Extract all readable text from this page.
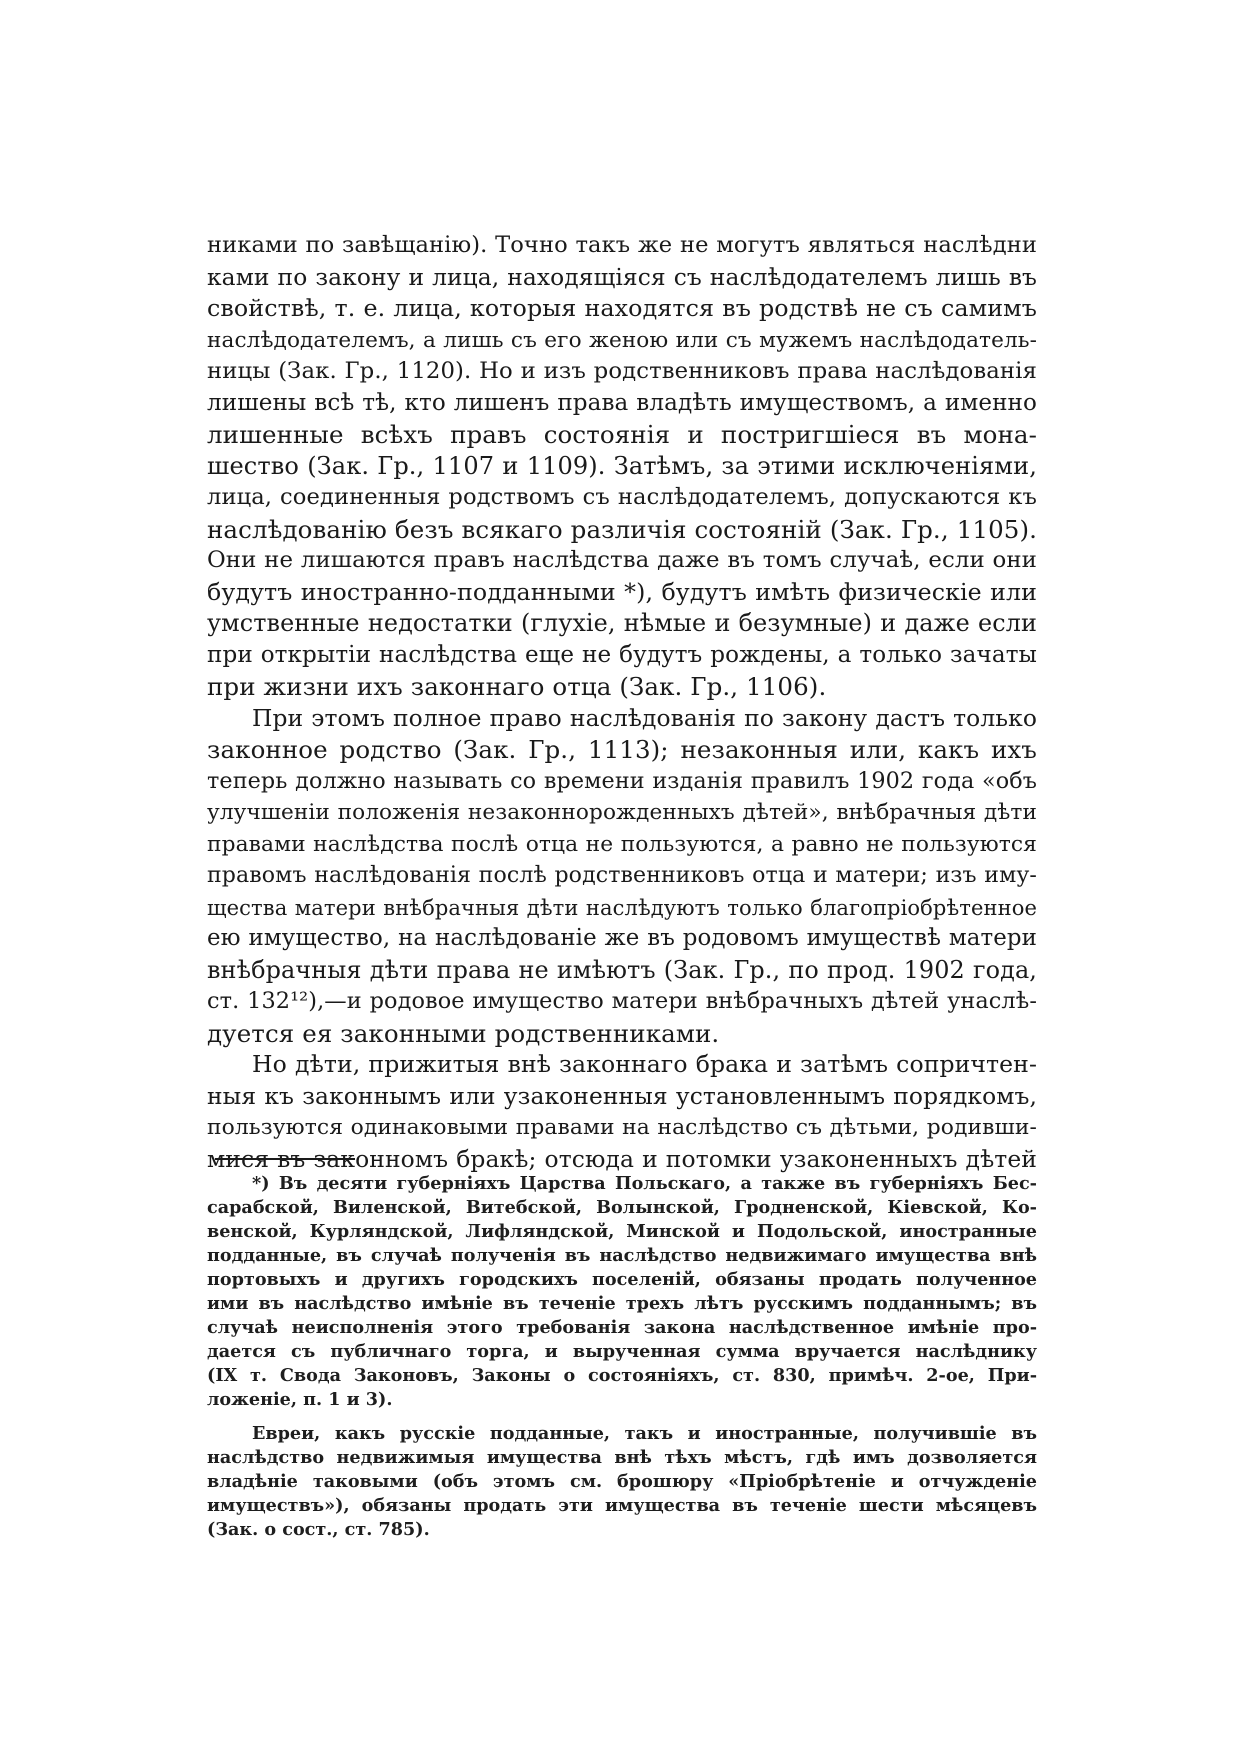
никами по завѣщанію). Точно такъ же не могутъ являться наслѣдни
ками по закону и лица, находящіяся съ наслѣдодателемъ лишь въ
свойствѣ, т. е. лица, которыя находятся въ родствѣ не съ самимъ
наслѣдодателемъ, а лишь съ его женою или съ мужемъ наслѣдодатель-
ницы (Зак. Гр., 1120). Но и изъ родственниковъ права наслѣдованія
лишены всѣ тѣ, кто лишенъ права владѣть имуществомъ, а именно
лишенные всѣхъ правъ состоянія и постригшіеся въ мона-
шество (Зак. Гр., 1107 и 1109). Затѣмъ, за этими исключеніями,
лица, соединенныя родствомъ съ наслѣдодателемъ, допускаются къ
наслѣдованію безъ всякаго различія состояній (Зак. Гр., 1105).
Они не лишаются правъ наслѣдства даже въ томъ случаѣ, если они
будутъ иностранно-подданными *), будутъ имѣть физическіе или
умственные недостатки (глухіе, нѣмые и безумные) и даже если
при открытіи наслѣдства еще не будутъ рождены, а только зачаты
при жизни ихъ законнаго отца (Зак. Гр., 1106).
При этомъ полное право наслѣдованія по закону дастъ только
законное родство (Зак. Гр., 1113); незаконныя или, какъ ихъ
теперь должно называть со времени изданія правилъ 1902 года «объ
улучшеніи положенія незаконнорожденныхъ дѣтей», внѣбрачныя дѣти
правами наслѣдства послѣ отца не пользуются, а равно не пользуются
правомъ наслѣдованія послѣ родственниковъ отца и матери; изъ иму-
щества матери внѣбрачныя дѣти наслѣдуютъ только благопріобрѣтенное
ею имущество, на наслѣдованіе же въ родовомъ имуществѣ матери
внѣбрачныя дѣти права не имѣютъ (Зак. Гр., по прод. 1902 года,
ст. 132¹²),—и родовое имущество матери внѣбрачныхъ дѣтей унаслѣ-
дуется ея законными родственниками.
Но дѣти, прижитыя внѣ законнаго брака и затѣмъ сопричтен-
ныя къ законнымъ или узаконенныя установленнымъ порядкомъ,
пользуются одинаковыми правами на наслѣдство съ дѣтьми, родивши-
мися въ законномъ бракѣ; отсюда и потомки узаконенныхъ дѣтей
*) Въ десяти губерніяхъ Царства Польскаго, а также въ губерніяхъ Бес-
сарабской, Виленской, Витебской, Волынской, Гродненской, Кіевской, Ко-
венской, Курляндской, Лифляндской, Минской и Подольской, иностранные
подданные, въ случаѣ полученія въ наслѣдство недвижимаго имущества внѣ
портовыхъ и другихъ городскихъ поселеній, обязаны продать полученное
ими въ наслѣдство имѣніе въ теченіе трехъ лѣтъ русскимъ подданнымъ; въ
случаѣ неисполненія этого требованія закона наслѣдственное имѣніе про-
дается съ публичнаго торга, и вырученная сумма вручается наслѣднику
(IX т. Свода Законовъ, Законы о состояніяхъ, ст. 830, примѣч. 2-ое, При-
ложеніе, п. 1 и 3).
Евреи, какъ русскіе подданные, такъ и иностранные, получившіе въ
наслѣдство недвижимыя имущества внѣ тѣхъ мѣстъ, гдѣ имъ дозволяется
владѣніе таковыми (объ этомъ см. брошюру «Пріобрѣтеніе и отчужденіе
имуществъ»), обязаны продать эти имущества въ теченіе шести мѣсяцевъ
(Зак. о сост., ст. 785).
